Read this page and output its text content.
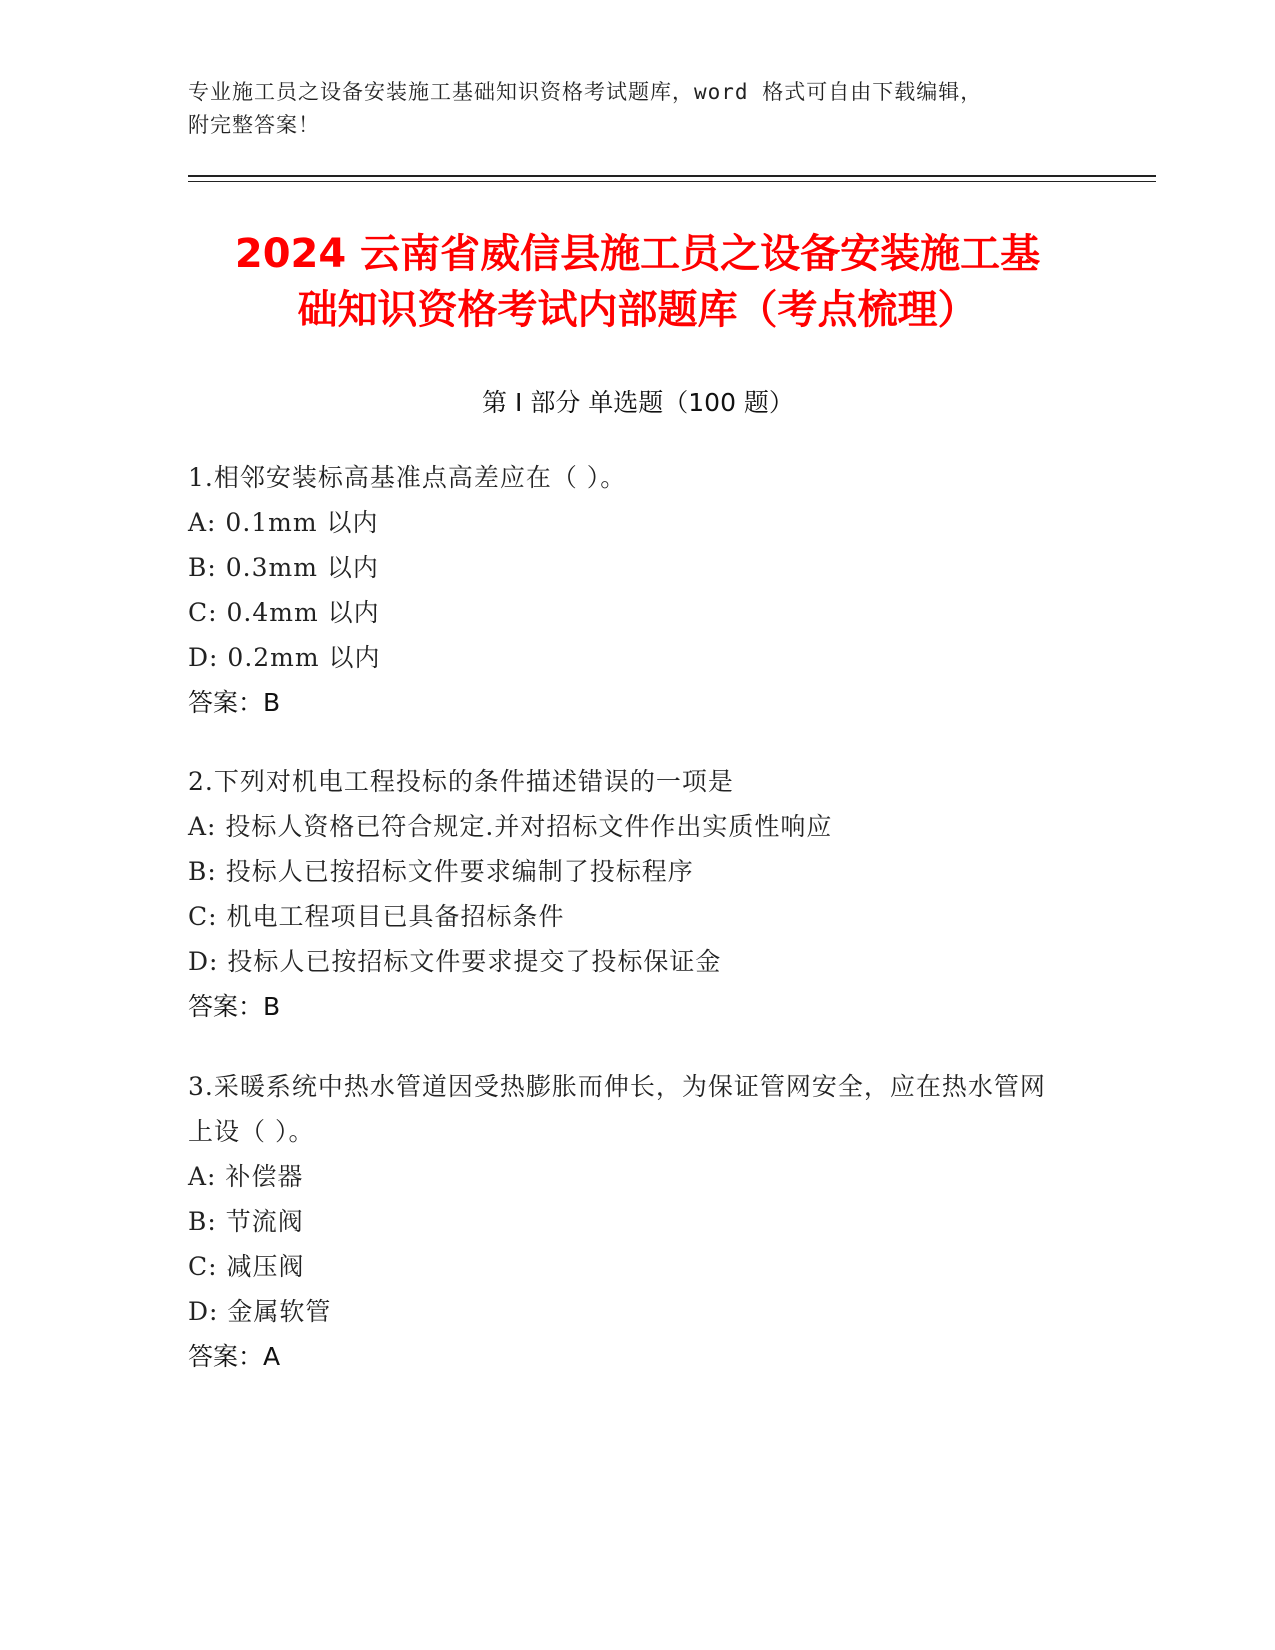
专业施工员之设备安装施工基础知识资格考试题库，word 格式可自由下载编辑，
附完整答案！
2024 云南省威信县施工员之设备安装施工基
础知识资格考试内部题库（考点梳理）
第 I 部分 单选题（100 题）
1.相邻安装标高基准点高差应在（ ）。
A: 0.1mm 以内
B: 0.3mm 以内
C: 0.4mm 以内
D: 0.2mm 以内
答案：B
2.下列对机电工程投标的条件描述错误的一项是
A: 投标人资格已符合规定.并对招标文件作出实质性响应
B: 投标人已按招标文件要求编制了投标程序
C: 机电工程项目已具备招标条件
D: 投标人已按招标文件要求提交了投标保证金
答案：B
3.采暖系统中热水管道因受热膨胀而伸长，为保证管网安全，应在热水管网上设（ ）。
A: 补偿器
B: 节流阀
C: 减压阀
D: 金属软管
答案：A
